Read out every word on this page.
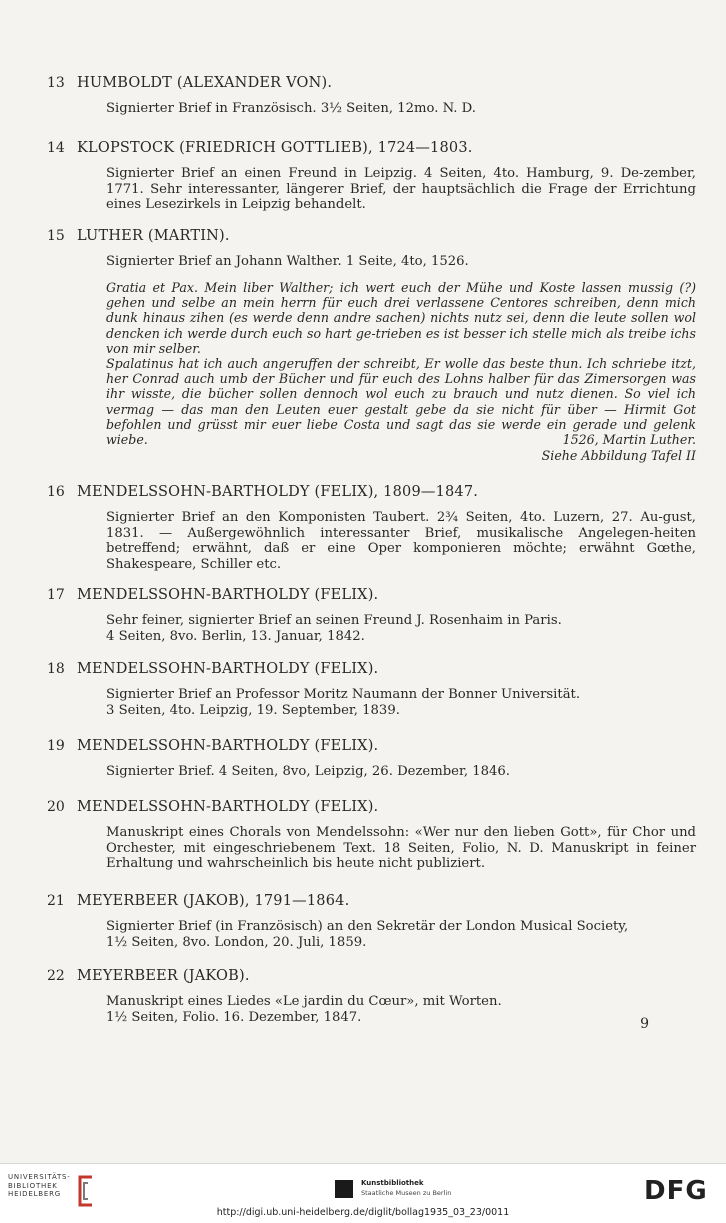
13 HUMBOLDT (ALEXANDER VON).

Signierter Brief in Französisch. 3½ Seiten, 12mo. N. D.

14 KLOPSTOCK (FRIEDRICH GOTTLIEB), 1724—1803.
Signierter Brief an einen Freund in Leipzig. 4 Seiten, 4to. Hamburg, 9. De-zember, 1771. Sehr interessanter, längerer Brief, der hauptsächlich die Frage der Errichtung eines Lesezirkels in Leipzig behandelt.
15 LUTHER (MARTIN).

Signierter Brief an Johann Walther. 1 Seite, 4to, 1526.

Gratia et Pax. Mein liber Walther; ich wert euch der Mühe und Koste lassen mussig (?) gehen und selbe an mein herrn für euch drei verlassene Centores schreiben, denn mich dunk hinaus zihen (es werde denn andre sachen) nichts nutz sei, denn die leute sollen wol dencken ich werde durch euch so hart ge-trieben es ist besser ich stelle mich als treibe ichs von mir selber.
Spalatinus hat ich auch angeruffen der schreibt, Er wolle das beste thun. Ich schriebe itzt, her Conrad auch umb der Bücher und für euch des Lohns halber für das Zimersorgen was ihr wisste, die bücher sollen dennoch wol euch zu brauch und nutz dienen. So viel ich vermag — das man den Leuten euer gestalt gebe da sie nicht für über — Hirmit Got befohlen und grüsst mir euer liebe Costa und sagt das sie werde ein gerade und gelenk wiebe.	1526, Martin Luther.
Siehe Abbildung Tafel II
16 MENDELSSOHN-BARTHOLDY (FELIX), 1809—1847.
Signierter Brief an den Komponisten Taubert. 2¾ Seiten, 4to. Luzern, 27. Au-gust, 1831. — Außergewöhnlich interessanter Brief, musikalische Angelegen-heiten betreffend; erwähnt, daß er eine Oper komponieren möchte; erwähnt Gœthe, Shakespeare, Schiller etc.
17 MENDELSSOHN-BARTHOLDY (FELIX).

Sehr feiner, signierter Brief an seinen Freund J. Rosenhaim in Paris.

4 Seiten, 8vo. Berlin, 13. Januar, 1842.

18 MENDELSSOHN-BARTHOLDY (FELIX).

Signierter Brief an Professor Moritz Naumann der Bonner Universität.

3 Seiten, 4to. Leipzig, 19. September, 1839.

19 MENDELSSOHN-BARTHOLDY (FELIX).

Signierter Brief. 4 Seiten, 8vo, Leipzig, 26. Dezember, 1846.

20 MENDELSSOHN-BARTHOLDY (FELIX).
Manuskript eines Chorals von Mendelssohn: «Wer nur den lieben Gott», für Chor und Orchester, mit eingeschriebenem Text. 18 Seiten, Folio, N. D. Manuskript in feiner Erhaltung und wahrscheinlich bis heute nicht publiziert.
21 MEYERBEER (JAKOB), 1791—1864.

Signierter Brief (in Französisch) an den Sekretär der London Musical Society,

1½ Seiten, 8vo. London, 20. Juli, 1859.

22 MEYERBEER (JAKOB).

Manuskript eines Liedes «Le jardin du Cœur», mit Worten.

1½ Seiten, Folio. 16. Dezember, 1847.	9
UNIVERSITÄTS-
BIBLIOTHEK
HEIDELBERG
Kunstbibliothek
Staatliche Museen zu Berlin	DFG
http://digi.ub.uni-heidelberg.de/diglit/bollag1935_03_23/0011
